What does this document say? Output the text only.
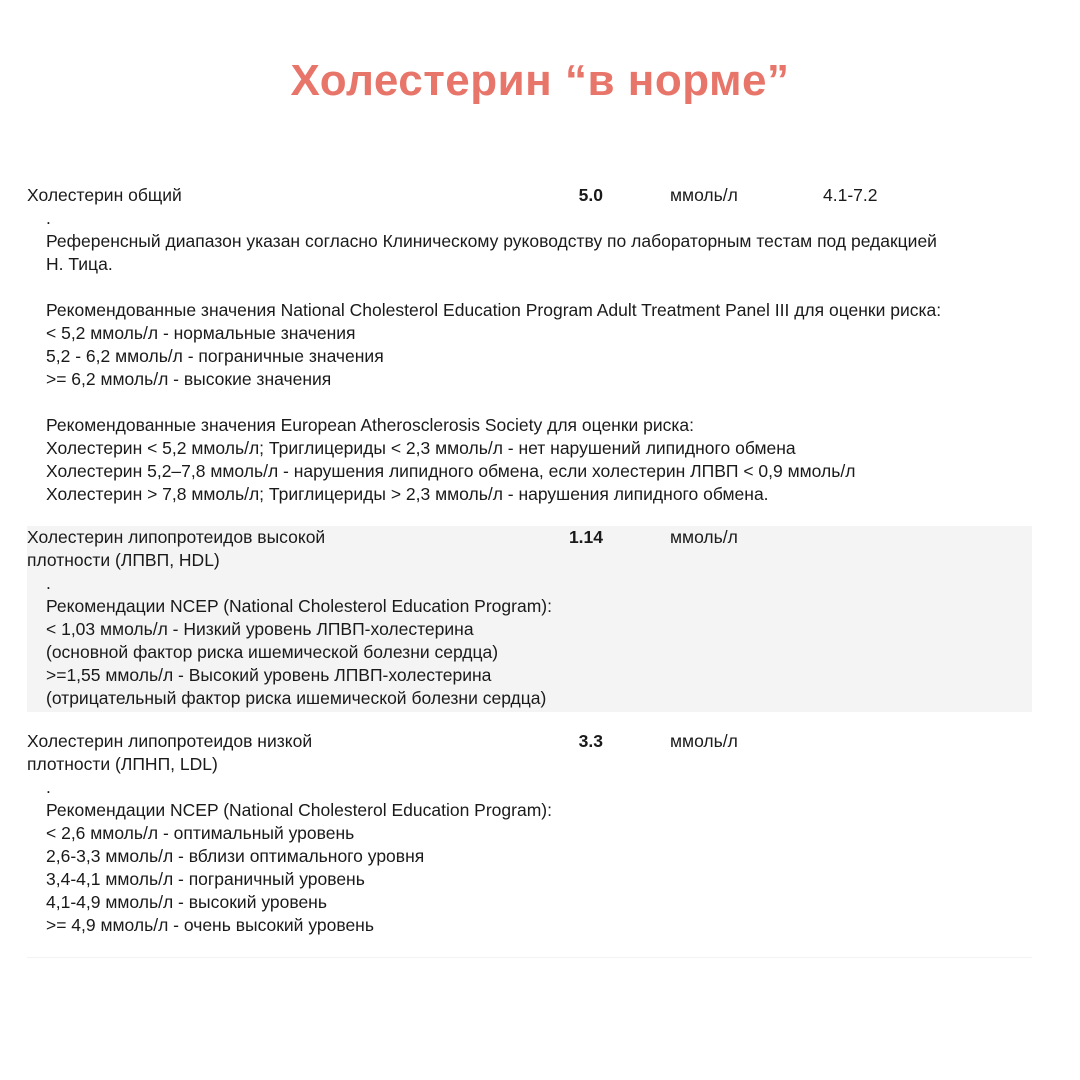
Холестерин “в норме”
Холестерин общий	5.0	ммоль/л	4.1-7.2
.
Референсный диапазон указан согласно Клиническому руководству по лабораторным тестам под редакцией
Н. Тица.
Рекомендованные значения National Cholesterol Education Program Adult Treatment Panel III для оценки риска:
< 5,2 ммоль/л - нормальные значения
5,2 - 6,2 ммоль/л - пограничные значения
>= 6,2 ммоль/л - высокие значения
Рекомендованные значения European Atherosclerosis Society для оценки риска:
Холестерин < 5,2 ммоль/л; Триглицериды < 2,3 ммоль/л - нет нарушений липидного обмена
Холестерин 5,2–7,8 ммоль/л - нарушения липидного обмена, если холестерин ЛПВП < 0,9 ммоль/л
Холестерин > 7,8 ммоль/л; Триглицериды > 2,3 ммоль/л - нарушения липидного обмена.
Холестерин липопротеидов высокой плотности (ЛПВП, HDL)
1.14	ммоль/л
.
Рекомендации NCEP (National Cholesterol Education Program):
< 1,03 ммоль/л - Низкий уровень ЛПВП-холестерина
(основной фактор риска ишемической болезни сердца)
>=1,55 ммоль/л - Высокий уровень ЛПВП-холестерина
(отрицательный фактор риска ишемической болезни сердца)
Холестерин липопротеидов низкой плотности (ЛПНП, LDL)
3.3	ммоль/л
.
Рекомендации NCEP (National Cholesterol Education Program):
< 2,6 ммоль/л - оптимальный уровень
2,6-3,3 ммоль/л - вблизи оптимального уровня
3,4-4,1 ммоль/л - пограничный уровень
4,1-4,9 ммоль/л - высокий уровень
>= 4,9 ммоль/л - очень высокий уровень
